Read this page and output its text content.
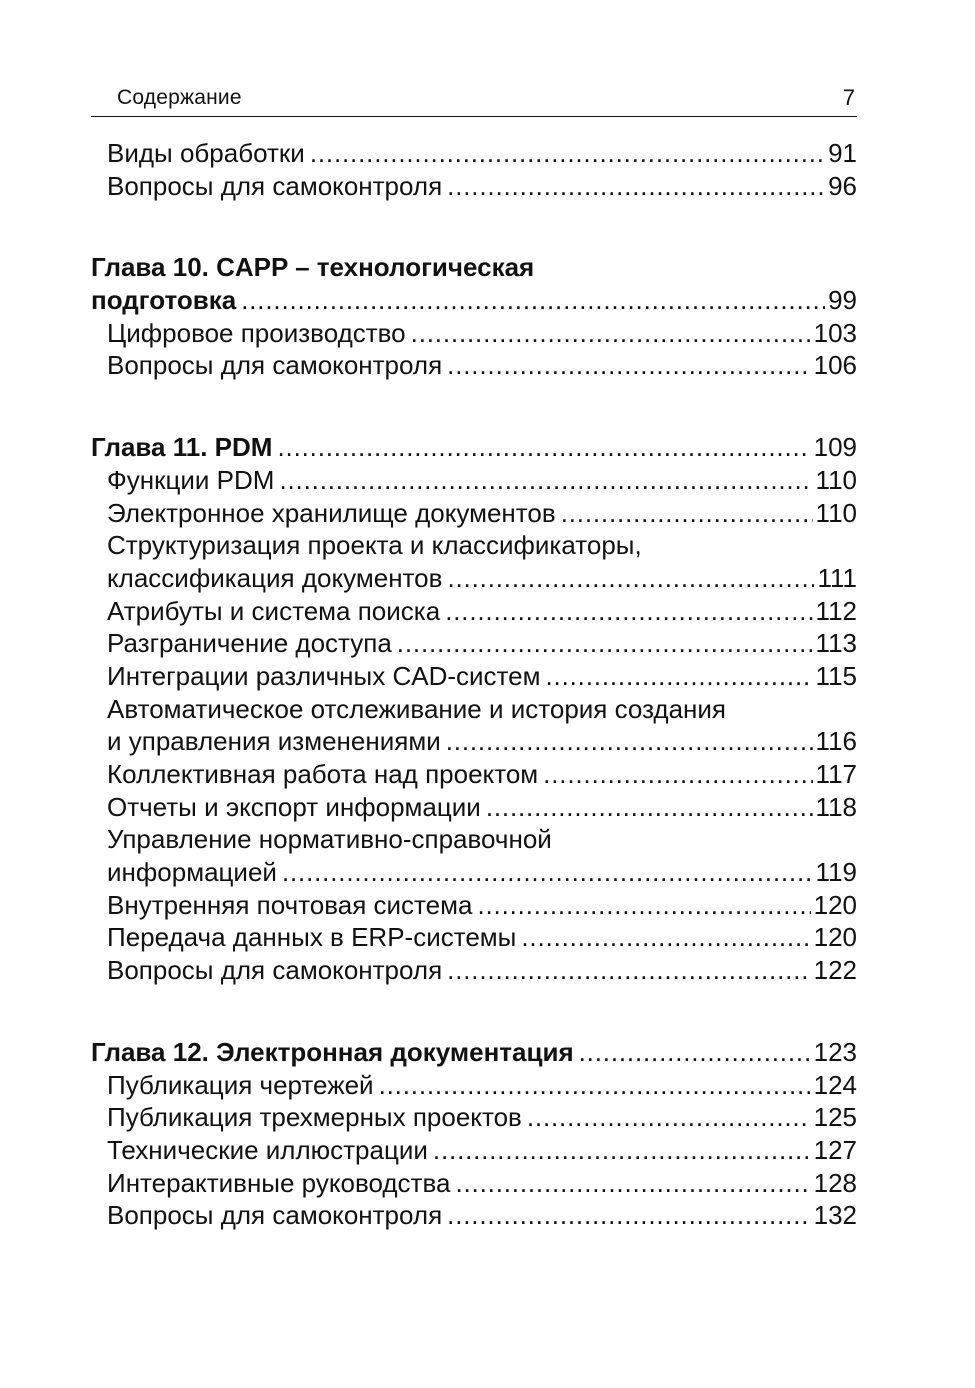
Содержание	7
Виды обработки . . .	91
Вопросы для самоконтроля . . .	96
Глава 10. CAPP – технологическая
подготовка . . .	99
Цифровое производство . . .	103
Вопросы для самоконтроля . . .	106
Глава 11. PDM . . .	109
Функции PDM . . .	110
Электронное хранилище документов . . .	110
Структуризация проекта и классификаторы,
классификация документов . . .	111
Атрибуты и система поиска . . .	112
Разграничение доступа . . .	113
Интеграции различных CAD-систем . . .	115
Автоматическое отслеживание и история создания
и управления изменениями . . .	116
Коллективная работа над проектом . . .	117
Отчеты и экспорт информации . . .	118
Управление нормативно-справочной
информацией . . .	119
Внутренняя почтовая система . . .	120
Передача данных в ERP-системы . . .	120
Вопросы для самоконтроля . . .	122
Глава 12. Электронная документация . . .	123
Публикация чертежей . . .	124
Публикация трехмерных проектов . . .	125
Технические иллюстрации . . .	127
Интерактивные руководства . . .	128
Вопросы для самоконтроля . . .	132
